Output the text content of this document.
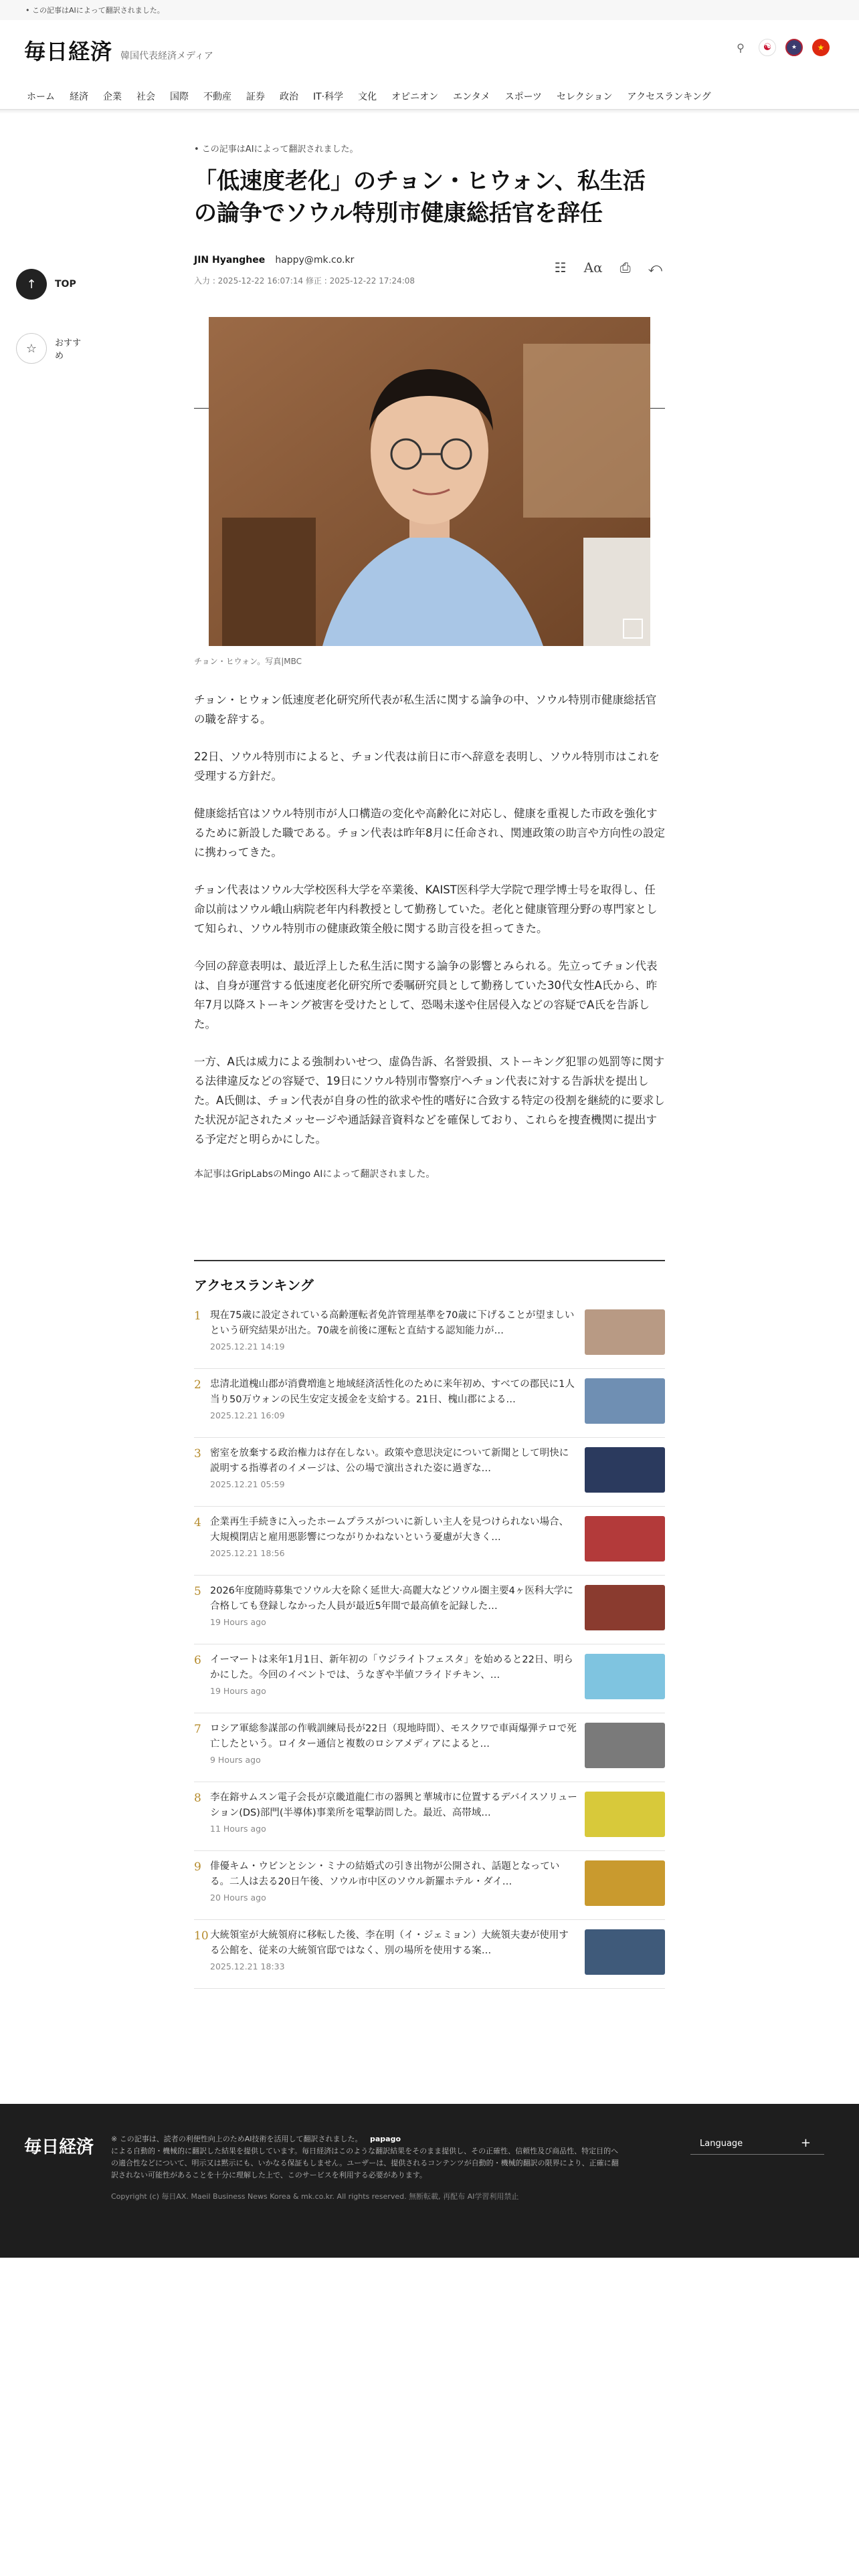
• この記事はAIによって翻訳されました。
毎日経済 韓国代表経済メディア
⚲	☯	★	★
ホーム 経済 企業 社会 国際 不動産 証券 政治 IT·科学 文化 オピニオン エンタメ スポーツ セレクション アクセスランキング
↑	TOP
☆	おすすめ
• この記事はAIによって翻訳されました。
「低速度老化」のチョン・ヒウォン、私生活の論争でソウル特別市健康総括官を辞任
JIN Hyanghee happy@mk.co.kr
入力 : 2025-12-22 16:07:14 修正 : 2025-12-22 17:24:08
☷ Aα ⎙ ⤺
チョン・ヒウォン。写真|MBC

チョン・ヒウォン低速度老化研究所代表が私生活に関する論争の中、ソウル特別市健康総括官の職を辞する。

22日、ソウル特別市によると、チョン代表は前日に市へ辞意を表明し、ソウル特別市はこれを受理する方針だ。

健康総括官はソウル特別市が人口構造の変化や高齢化に対応し、健康を重視した市政を強化するために新設した職である。チョン代表は昨年8月に任命され、関連政策の助言や方向性の設定に携わってきた。

チョン代表はソウル大学校医科大学を卒業後、KAIST医科学大学院で理学博士号を取得し、任命以前はソウル峨山病院老年内科教授として勤務していた。老化と健康管理分野の専門家として知られ、ソウル特別市の健康政策全般に関する助言役を担ってきた。

今回の辞意表明は、最近浮上した私生活に関する論争の影響とみられる。先立ってチョン代表は、自身が運営する低速度老化研究所で委嘱研究員として勤務していた30代女性A氏から、昨年7月以降ストーキング被害を受けたとして、恐喝未遂や住居侵入などの容疑でA氏を告訴した。

一方、A氏は威力による強制わいせつ、虚偽告訴、名誉毀損、ストーキング犯罪の処罰等に関する法律違反などの容疑で、19日にソウル特別市警察庁へチョン代表に対する告訴状を提出した。A氏側は、チョン代表が自身の性的欲求や性的嗜好に合致する特定の役割を継続的に要求した状況が記されたメッセージや通話録音資料などを確保しており、これらを捜査機関に提出する予定だと明らかにした。

本記事はGripLabsのMingo AIによって翻訳されました。

アクセスランキング
1 現在75歳に設定されている高齢運転者免許管理基準を70歳に下げることが望ましいという研究結果が出た。70歳を前後に運転と直結する認知能力が…
2025.12.21 14:19
2 忠清北道槐山郡が消費増進と地域経済活性化のために来年初め、すべての郡民に1人当り50万ウォンの民生安定支援金を支給する。21日、槐山郡による…
2025.12.21 16:09
3 密室を放棄する政治権力は存在しない。政策や意思決定について新聞として明快に説明する指導者のイメージは、公の場で演出された姿に過ぎな…
2025.12.21 05:59
4 企業再生手続きに入ったホームプラスがついに新しい主人を見つけられない場合、大規模閉店と雇用悪影響につながりかねないという憂慮が大きく…
2025.12.21 18:56
5 2026年度随時募集でソウル大を除く延世大·高麗大などソウル圏主要4ヶ医科大学に合格しても登録しなかった人員が最近5年間で最高値を記録した…
19 Hours ago
6 イーマートは来年1月1日、新年初の「ウジライトフェスタ」を始めると22日、明らかにした。今回のイベントでは、うなぎや半値フライドチキン、…
19 Hours ago
7 ロシア軍総参謀部の作戦訓練局長が22日（現地時間）、モスクワで車両爆弾テロで死亡したという。ロイター通信と複数のロシアメディアによると…
9 Hours ago
8 李在鎔サムスン電子会長が京畿道龍仁市の器興と華城市に位置するデバイスソリューション(DS)部門(半導体)事業所を電撃訪問した。最近、高帯域…
11 Hours ago
9 俳優キム・ウビンとシン・ミナの結婚式の引き出物が公開され、話題となっている。二人は去る20日午後、ソウル市中区のソウル新羅ホテル・ダイ…
20 Hours ago
10 大統領室が大統領府に移転した後、李在明（イ・ジェミョン）大統領夫妻が使用する公館を、従来の大統領官邸ではなく、別の場所を使用する案…
2025.12.21 18:33
毎日経済 ※ この記事は、読者の利便性向上のためAI技術を活用して翻訳されました。 papago
による自動的・機械的に翻訳した結果を提供しています。毎日経済はこのような翻訳結果をそのまま提供し、その正確性、信頼性及び商品性、特定目的への適合性などについて、明示又は黙示にも、いかなる保証もしません。ユーザーは、提供されるコンテンツが自動的・機械的翻訳の限界により、正確に翻訳されない可能性があることを十分に理解した上で、このサービスを利用する必要があります。
Copyright (c) 毎日AX. Maeil Business News Korea & mk.co.kr. All rights reserved. 無断転載, 再配布 AI学習利用禁止
Language	+
